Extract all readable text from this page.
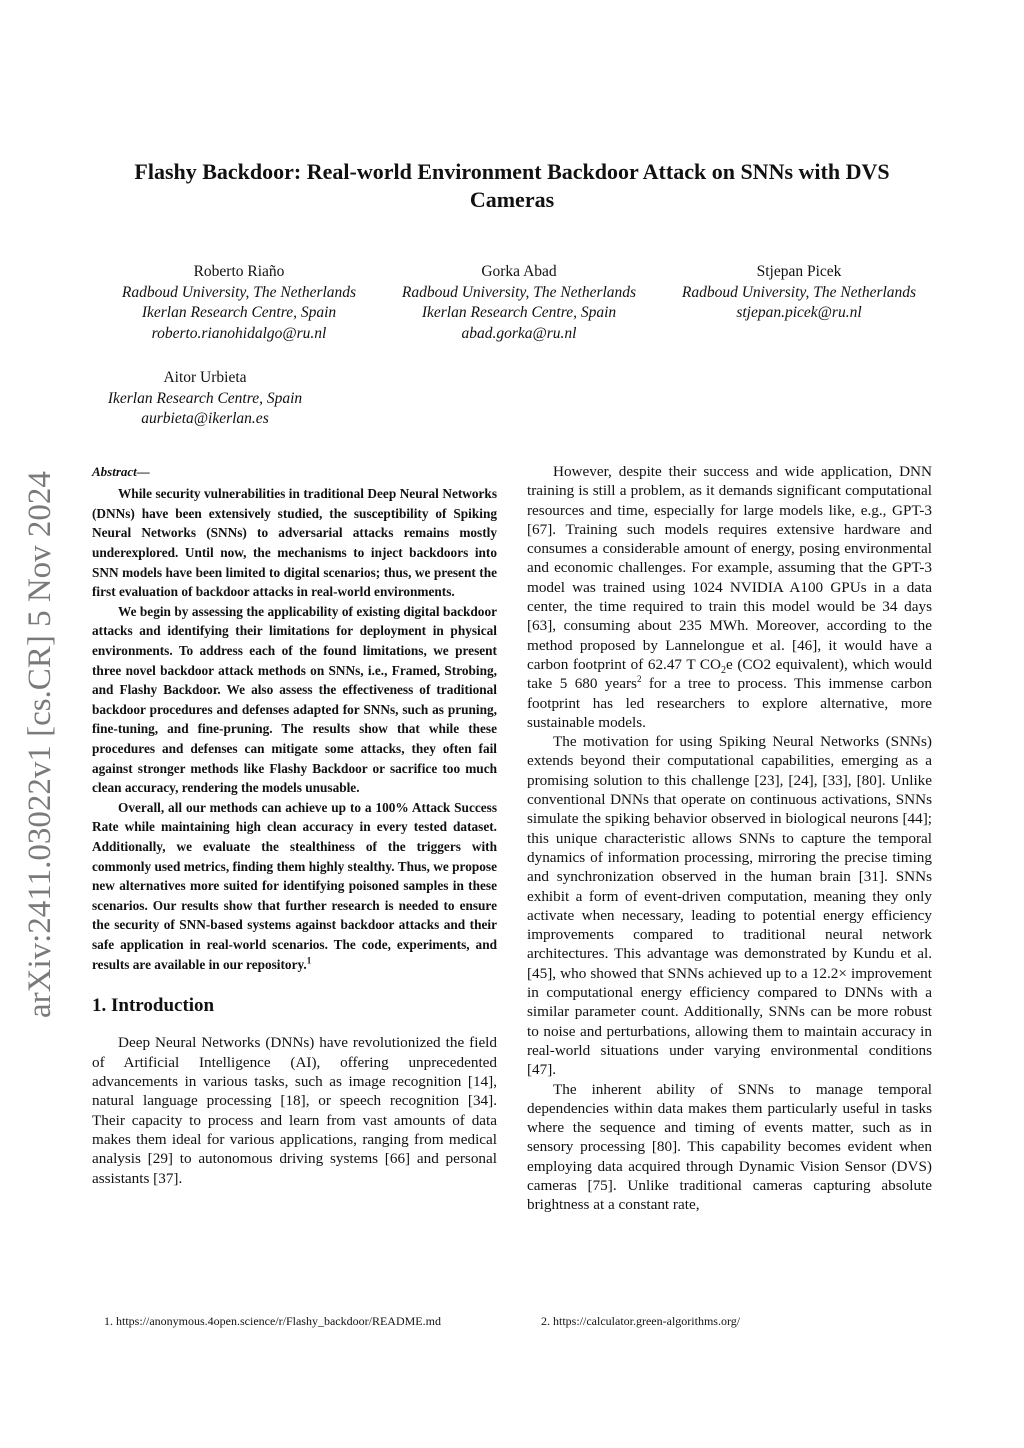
arXiv:2411.03022v1 [cs.CR] 5 Nov 2024
Flashy Backdoor: Real-world Environment Backdoor Attack on SNNs with DVS Cameras
Roberto Riaño
Radboud University, The Netherlands
Ikerlan Research Centre, Spain
roberto.rianohidalgo@ru.nl
Gorka Abad
Radboud University, The Netherlands
Ikerlan Research Centre, Spain
abad.gorka@ru.nl
Stjepan Picek
Radboud University, The Netherlands
stjepan.picek@ru.nl
Aitor Urbieta
Ikerlan Research Centre, Spain
aurbieta@ikerlan.es
Abstract—

While security vulnerabilities in traditional Deep Neural Networks (DNNs) have been extensively studied, the susceptibility of Spiking Neural Networks (SNNs) to adversarial attacks remains mostly underexplored. Until now, the mechanisms to inject backdoors into SNN models have been limited to digital scenarios; thus, we present the first evaluation of backdoor attacks in real-world environments.

We begin by assessing the applicability of existing digital backdoor attacks and identifying their limitations for deployment in physical environments. To address each of the found limitations, we present three novel backdoor attack methods on SNNs, i.e., Framed, Strobing, and Flashy Backdoor. We also assess the effectiveness of traditional backdoor procedures and defenses adapted for SNNs, such as pruning, fine-tuning, and fine-pruning. The results show that while these procedures and defenses can mitigate some attacks, they often fail against stronger methods like Flashy Backdoor or sacrifice too much clean accuracy, rendering the models unusable.

Overall, all our methods can achieve up to a 100% Attack Success Rate while maintaining high clean accuracy in every tested dataset. Additionally, we evaluate the stealthiness of the triggers with commonly used metrics, finding them highly stealthy. Thus, we propose new alternatives more suited for identifying poisoned samples in these scenarios. Our results show that further research is needed to ensure the security of SNN-based systems against backdoor attacks and their safe application in real-world scenarios. The code, experiments, and results are available in our repository.$^1$

1. Introduction

Deep Neural Networks (DNNs) have revolutionized the field of Artificial Intelligence (AI), offering unprecedented advancements in various tasks, such as image recognition [14], natural language processing [18], or speech recognition [34]. Their capacity to process and learn from vast amounts of data makes them ideal for various applications, ranging from medical analysis [29] to autonomous driving systems [66] and personal assistants [37].

However, despite their success and wide application, DNN training is still a problem, as it demands significant computational resources and time, especially for large models like, e.g., GPT-3 [67]. Training such models requires extensive hardware and consumes a considerable amount of energy, posing environmental and economic challenges. For example, assuming that the GPT-3 model was trained using 1024 NVIDIA A100 GPUs in a data center, the time required to train this model would be 34 days [63], consuming about 235 MWh. Moreover, according to the method proposed by Lannelongue et al. [46], it would have a carbon footprint of 62.47 T $CO_2e$ (CO2 equivalent), which would take 5 680 years$^2$ for a tree to process. This immense carbon footprint has led researchers to explore alternative, more sustainable models.

The motivation for using Spiking Neural Networks (SNNs) extends beyond their computational capabilities, emerging as a promising solution to this challenge [23], [24], [33], [80]. Unlike conventional DNNs that operate on continuous activations, SNNs simulate the spiking behavior observed in biological neurons [44]; this unique characteristic allows SNNs to capture the temporal dynamics of information processing, mirroring the precise timing and synchronization observed in the human brain [31]. SNNs exhibit a form of event-driven computation, meaning they only activate when necessary, leading to potential energy efficiency improvements compared to traditional neural network architectures. This advantage was demonstrated by Kundu et al. [45], who showed that SNNs achieved up to a 12.2× improvement in computational energy efficiency compared to DNNs with a similar parameter count. Additionally, SNNs can be more robust to noise and perturbations, allowing them to maintain accuracy in real-world situations under varying environmental conditions [47].

The inherent ability of SNNs to manage temporal dependencies within data makes them particularly useful in tasks where the sequence and timing of events matter, such as in sensory processing [80]. This capability becomes evident when employing data acquired through Dynamic Vision Sensor (DVS) cameras [75]. Unlike traditional cameras capturing absolute brightness at a constant rate,

1. https://anonymous.4open.science/r/Flashy_backdoor/README.md	2. https://calculator.green-algorithms.org/
